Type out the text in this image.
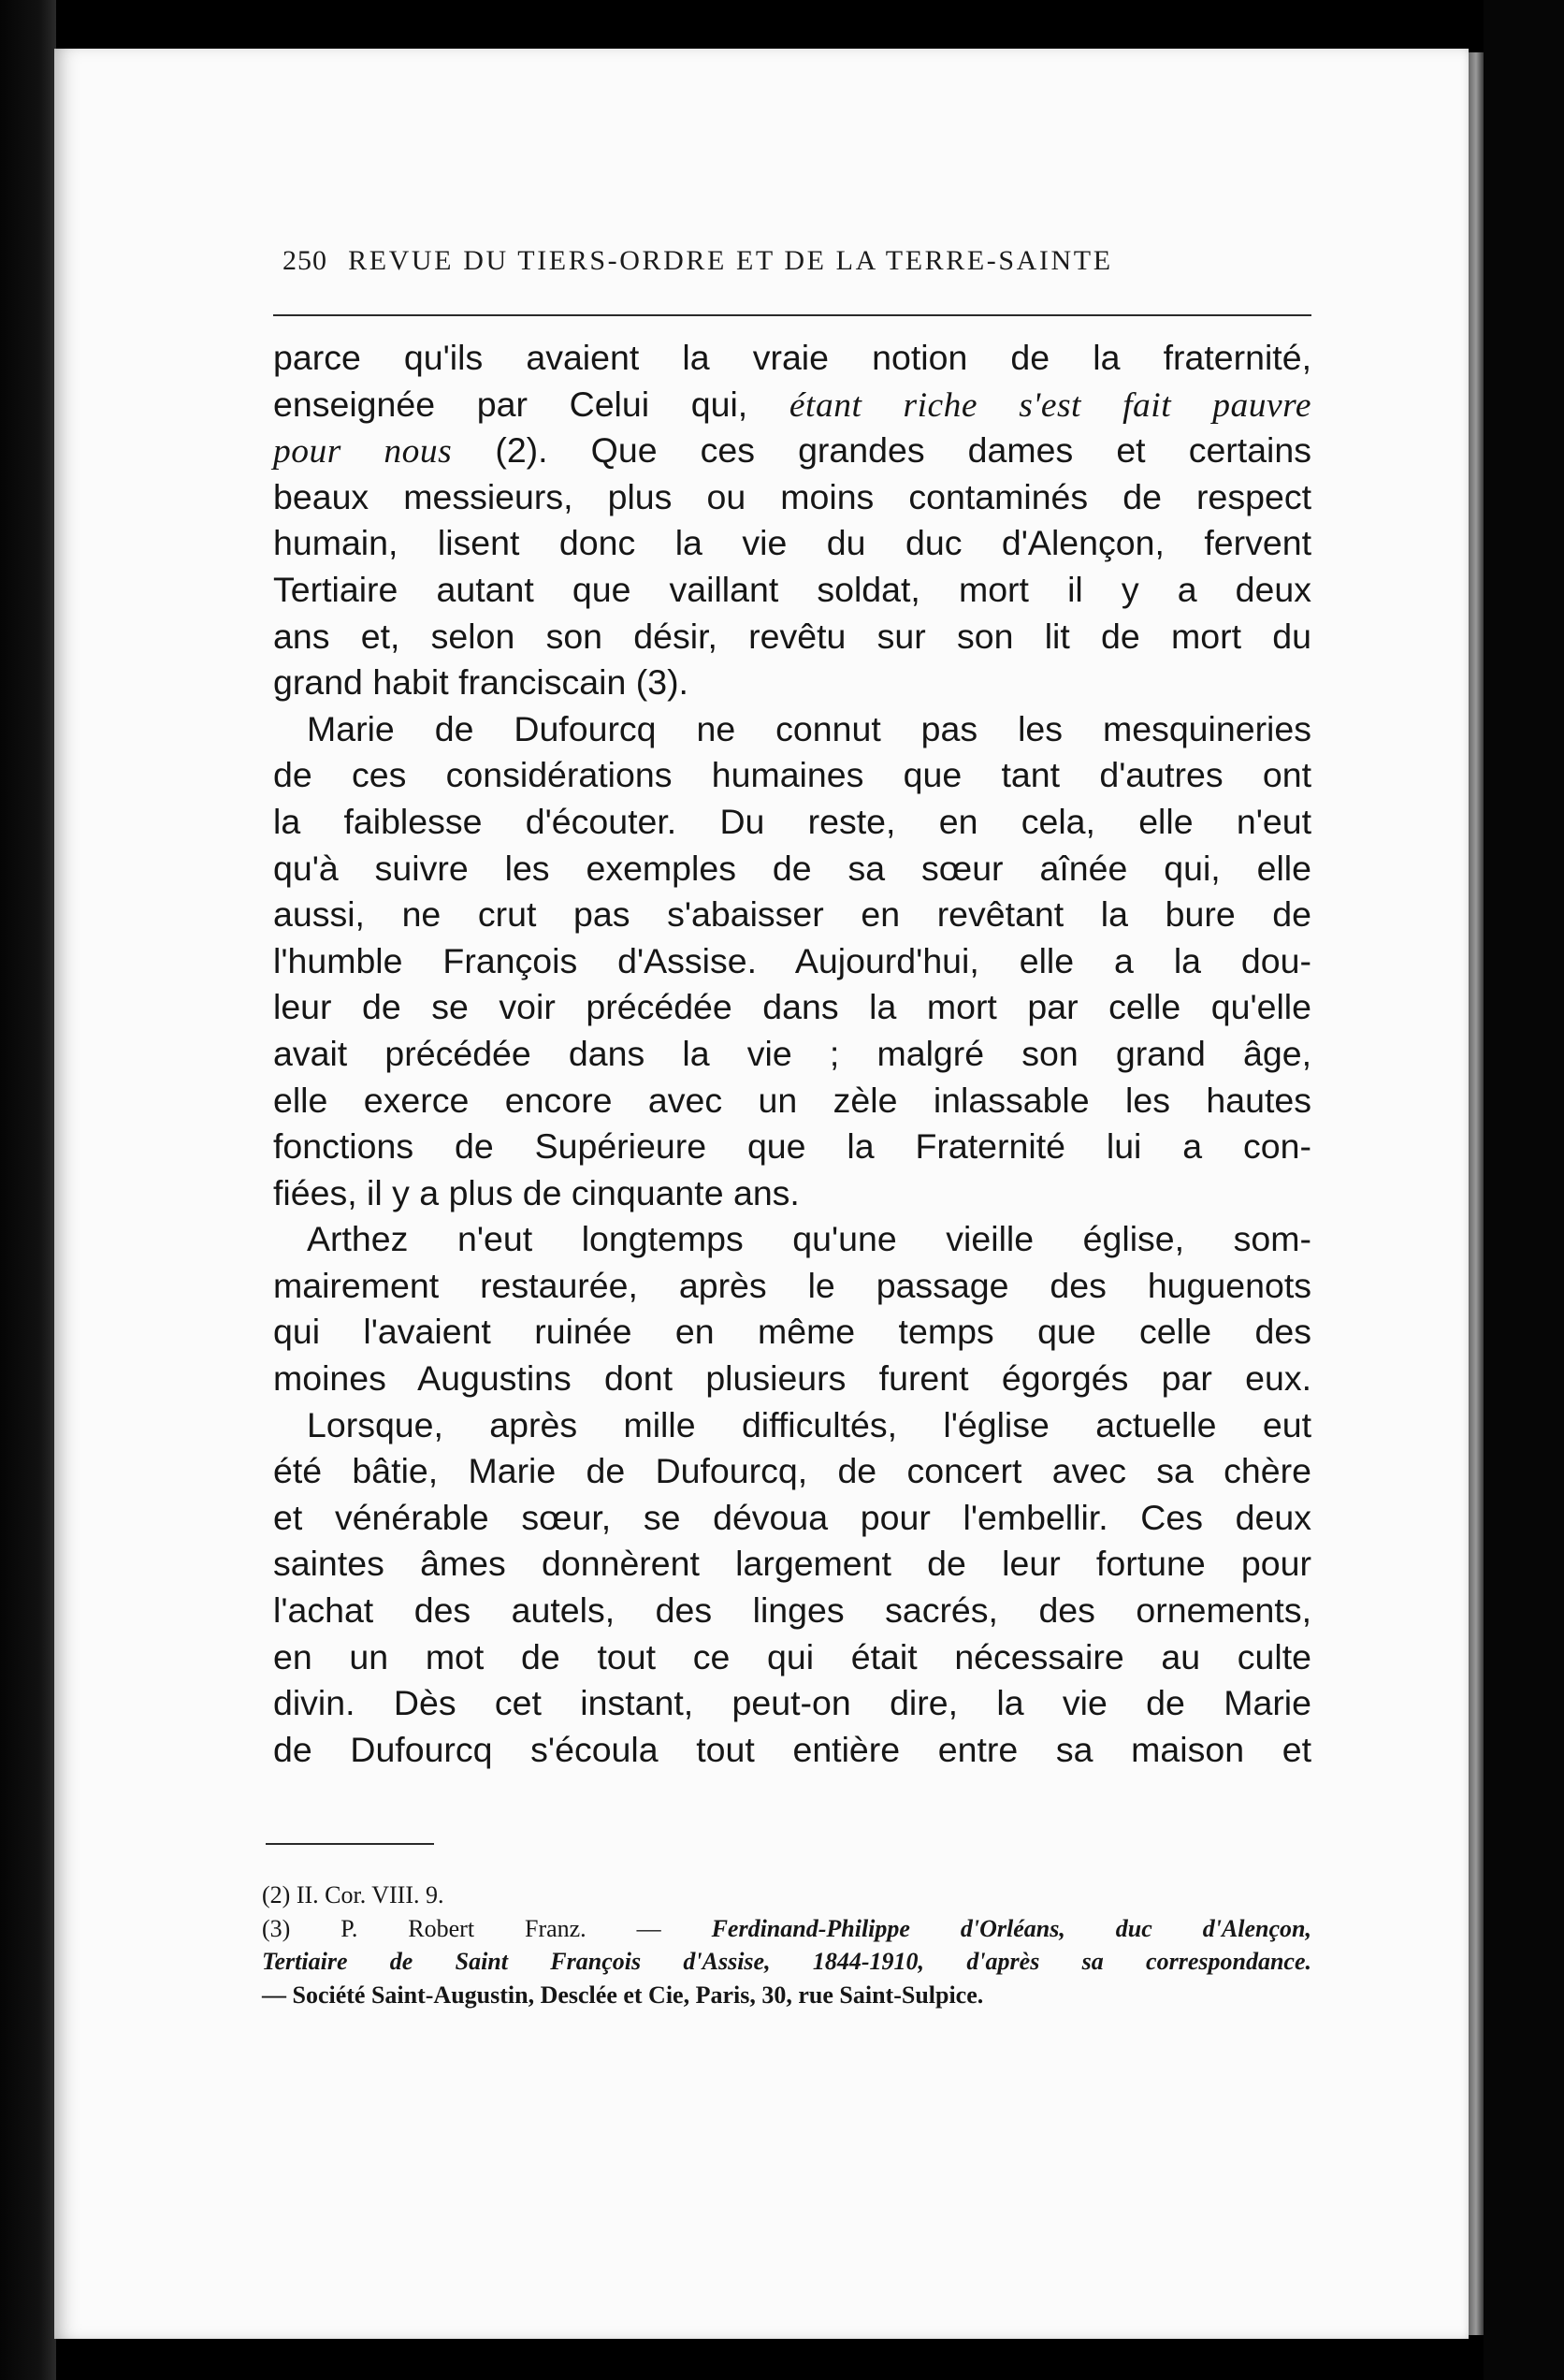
250 REVUE DU TIERS-ORDRE ET DE LA TERRE-SAINTE
parce qu'ils avaient la vraie notion de la fraternité,
enseignée par Celui qui, étant riche s'est fait pauvre
pour nous (2). Que ces grandes dames et certains
beaux messieurs, plus ou moins contaminés de respect
humain, lisent donc la vie du duc d'Alençon, fervent
Tertiaire autant que vaillant soldat, mort il y a deux
ans et, selon son désir, revêtu sur son lit de mort du
grand habit franciscain (3).
Marie de Dufourcq ne connut pas les mesquineries
de ces considérations humaines que tant d'autres ont
la faiblesse d'écouter. Du reste, en cela, elle n'eut
qu'à suivre les exemples de sa sœur aînée qui, elle
aussi, ne crut pas s'abaisser en revêtant la bure de
l'humble François d'Assise. Aujourd'hui, elle a la dou-
leur de se voir précédée dans la mort par celle qu'elle
avait précédée dans la vie ; malgré son grand âge,
elle exerce encore avec un zèle inlassable les hautes
fonctions de Supérieure que la Fraternité lui a con-
fiées, il y a plus de cinquante ans.
Arthez n'eut longtemps qu'une vieille église, som-
mairement restaurée, après le passage des huguenots
qui l'avaient ruinée en même temps que celle des
moines Augustins dont plusieurs furent égorgés par eux.
Lorsque, après mille difficultés, l'église actuelle eut
été bâtie, Marie de Dufourcq, de concert avec sa chère
et vénérable sœur, se dévoua pour l'embellir. Ces deux
saintes âmes donnèrent largement de leur fortune pour
l'achat des autels, des linges sacrés, des ornements,
en un mot de tout ce qui était nécessaire au culte
divin. Dès cet instant, peut-on dire, la vie de Marie
de Dufourcq s'écoula tout entière entre sa maison et
(2) II. Cor. VIII. 9.
(3) P. Robert Franz. — Ferdinand-Philippe d'Orléans, duc d'Alençon,
Tertiaire de Saint François d'Assise, 1844-1910, d'après sa correspondance.
— Société Saint-Augustin, Desclée et Cie, Paris, 30, rue Saint-Sulpice.
